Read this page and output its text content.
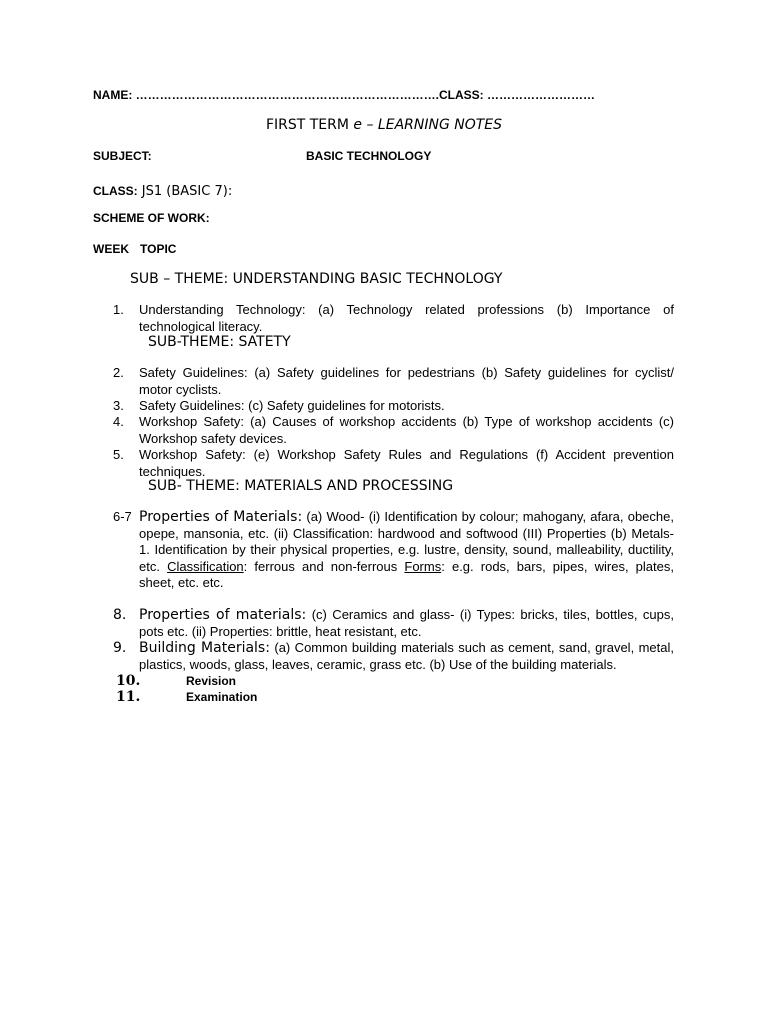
NAME: ………………………………………………………………….CLASS: ………………………
FIRST TERM e – LEARNING NOTES
SUBJECT:	BASIC TECHNOLOGY
CLASS: JS1 (BASIC 7):
SCHEME OF WORK:
WEEK TOPIC
SUB – THEME: UNDERSTANDING BASIC TECHNOLOGY
1.	Understanding Technology: (a) Technology related professions (b) Importance of technological literacy.
SUB-THEME: SATETY
2.	Safety Guidelines: (a) Safety guidelines for pedestrians (b) Safety guidelines for cyclist/ motor cyclists.
3.	Safety Guidelines: (c) Safety guidelines for motorists.
4.	Workshop Safety: (a) Causes of workshop accidents (b) Type of workshop accidents (c) Workshop safety devices.
5.	Workshop Safety: (e) Workshop Safety Rules and Regulations (f) Accident prevention techniques.
SUB- THEME: MATERIALS AND PROCESSING
6-7 Properties of Materials: (a) Wood- (i) Identification by colour; mahogany, afara, obeche, opepe, mansonia, etc. (ii) Classification: hardwood and softwood (III) Properties (b) Metals- 1. Identification by their physical properties, e.g. lustre, density, sound, malleability, ductility, etc. Classification: ferrous and non-ferrous Forms: e.g. rods, bars, pipes, wires, plates, sheet, etc. etc.
8. Properties of materials: (c) Ceramics and glass- (i) Types: bricks, tiles, bottles, cups, pots etc. (ii) Properties: brittle, heat resistant, etc.
9. Building Materials: (a) Common building materials such as cement, sand, gravel, metal, plastics, woods, glass, leaves, ceramic, grass etc. (b) Use of the building materials.
10.	Revision
11.	Examination
